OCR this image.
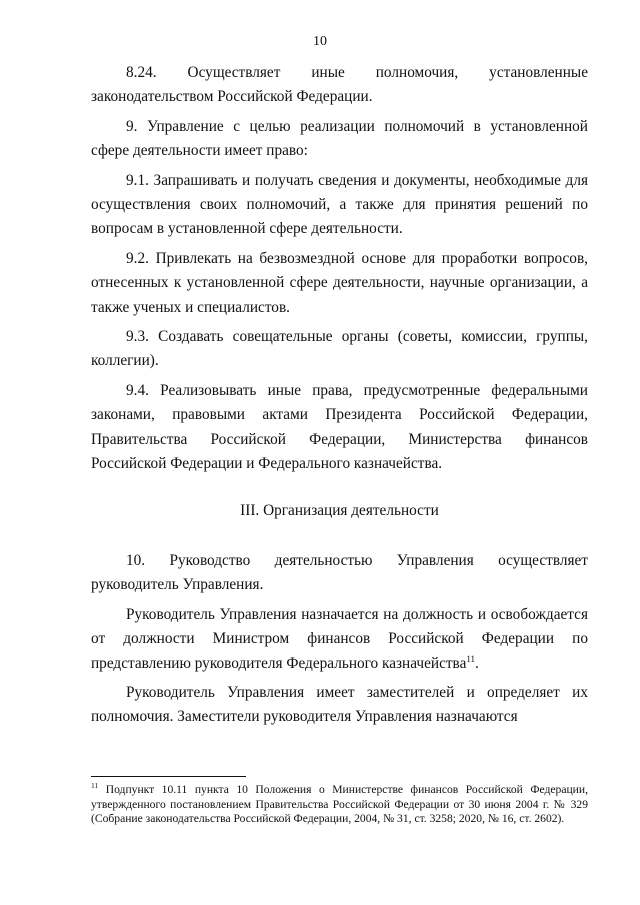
10

8.24. Осуществляет иные полномочия, установленные законодательством Российской Федерации.

9. Управление с целью реализации полномочий в установленной сфере деятельности имеет право:

9.1. Запрашивать и получать сведения и документы, необходимые для осуществления своих полномочий, а также для принятия решений по вопросам в установленной сфере деятельности.

9.2. Привлекать на безвозмездной основе для проработки вопросов, отнесенных к установленной сфере деятельности, научные организации, а также ученых и специалистов.

9.3. Создавать совещательные органы (советы, комиссии, группы, коллегии).

9.4. Реализовывать иные права, предусмотренные федеральными законами, правовыми актами Президента Российской Федерации, Правительства Российской Федерации, Министерства финансов Российской Федерации и Федерального казначейства.

III. Организация деятельности

10. Руководство деятельностью Управления осуществляет руководитель Управления.

Руководитель Управления назначается на должность и освобождается от должности Министром финансов Российской Федерации по представлению руководителя Федерального казначейства$^{11}$.

Руководитель Управления имеет заместителей и определяет их полномочия. Заместители руководителя Управления назначаются

$^{11}$ Подпункт 10.11 пункта 10 Положения о Министерстве финансов Российской Федерации, утвержденного постановлением Правительства Российской Федерации от 30 июня 2004 г. № 329 (Собрание законодательства Российской Федерации, 2004, № 31, ст. 3258; 2020, № 16, ст. 2602).
